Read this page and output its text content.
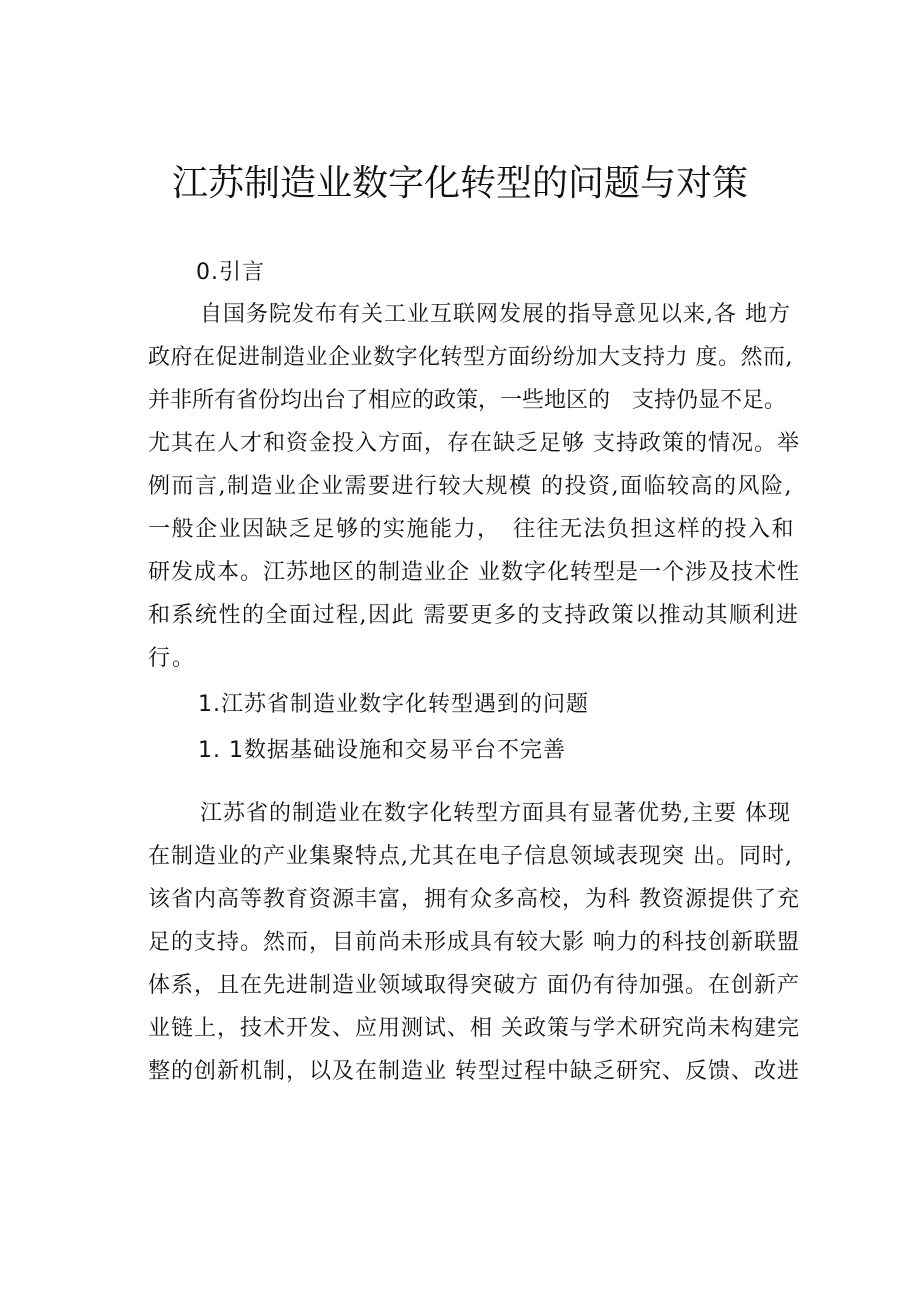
江苏制造业数字化转型的问题与对策
0.引言
自国务院发布有关工业互联网发展的指导意见以来,各 地方
政府在促进制造业企业数字化转型方面纷纷加大支持力 度。然而,
并非所有省份均出台了相应的政策，一些地区的　支持仍显不足。
尤其在人才和资金投入方面，存在缺乏足够 支持政策的情况。举
例而言,制造业企业需要进行较大规模 的投资,面临较高的风险,
一般企业因缺乏足够的实施能力，　往往无法负担这样的投入和
研发成本。江苏地区的制造业企 业数字化转型是一个涉及技术性
和系统性的全面过程,因此 需要更多的支持政策以推动其顺利进
行。
1.江苏省制造业数字化转型遇到的问题
1. 1数据基础设施和交易平台不完善
江苏省的制造业在数字化转型方面具有显著优势,主要 体现
在制造业的产业集聚特点,尤其在电子信息领域表现突 出。同时,
该省内高等教育资源丰富，拥有众多高校，为科 教资源提供了充
足的支持。然而，目前尚未形成具有较大影 响力的科技创新联盟
体系，且在先进制造业领域取得突破方 面仍有待加强。在创新产
业链上，技术开发、应用测试、相 关政策与学术研究尚未构建完
整的创新机制，以及在制造业 转型过程中缺乏研究、反馈、改进
